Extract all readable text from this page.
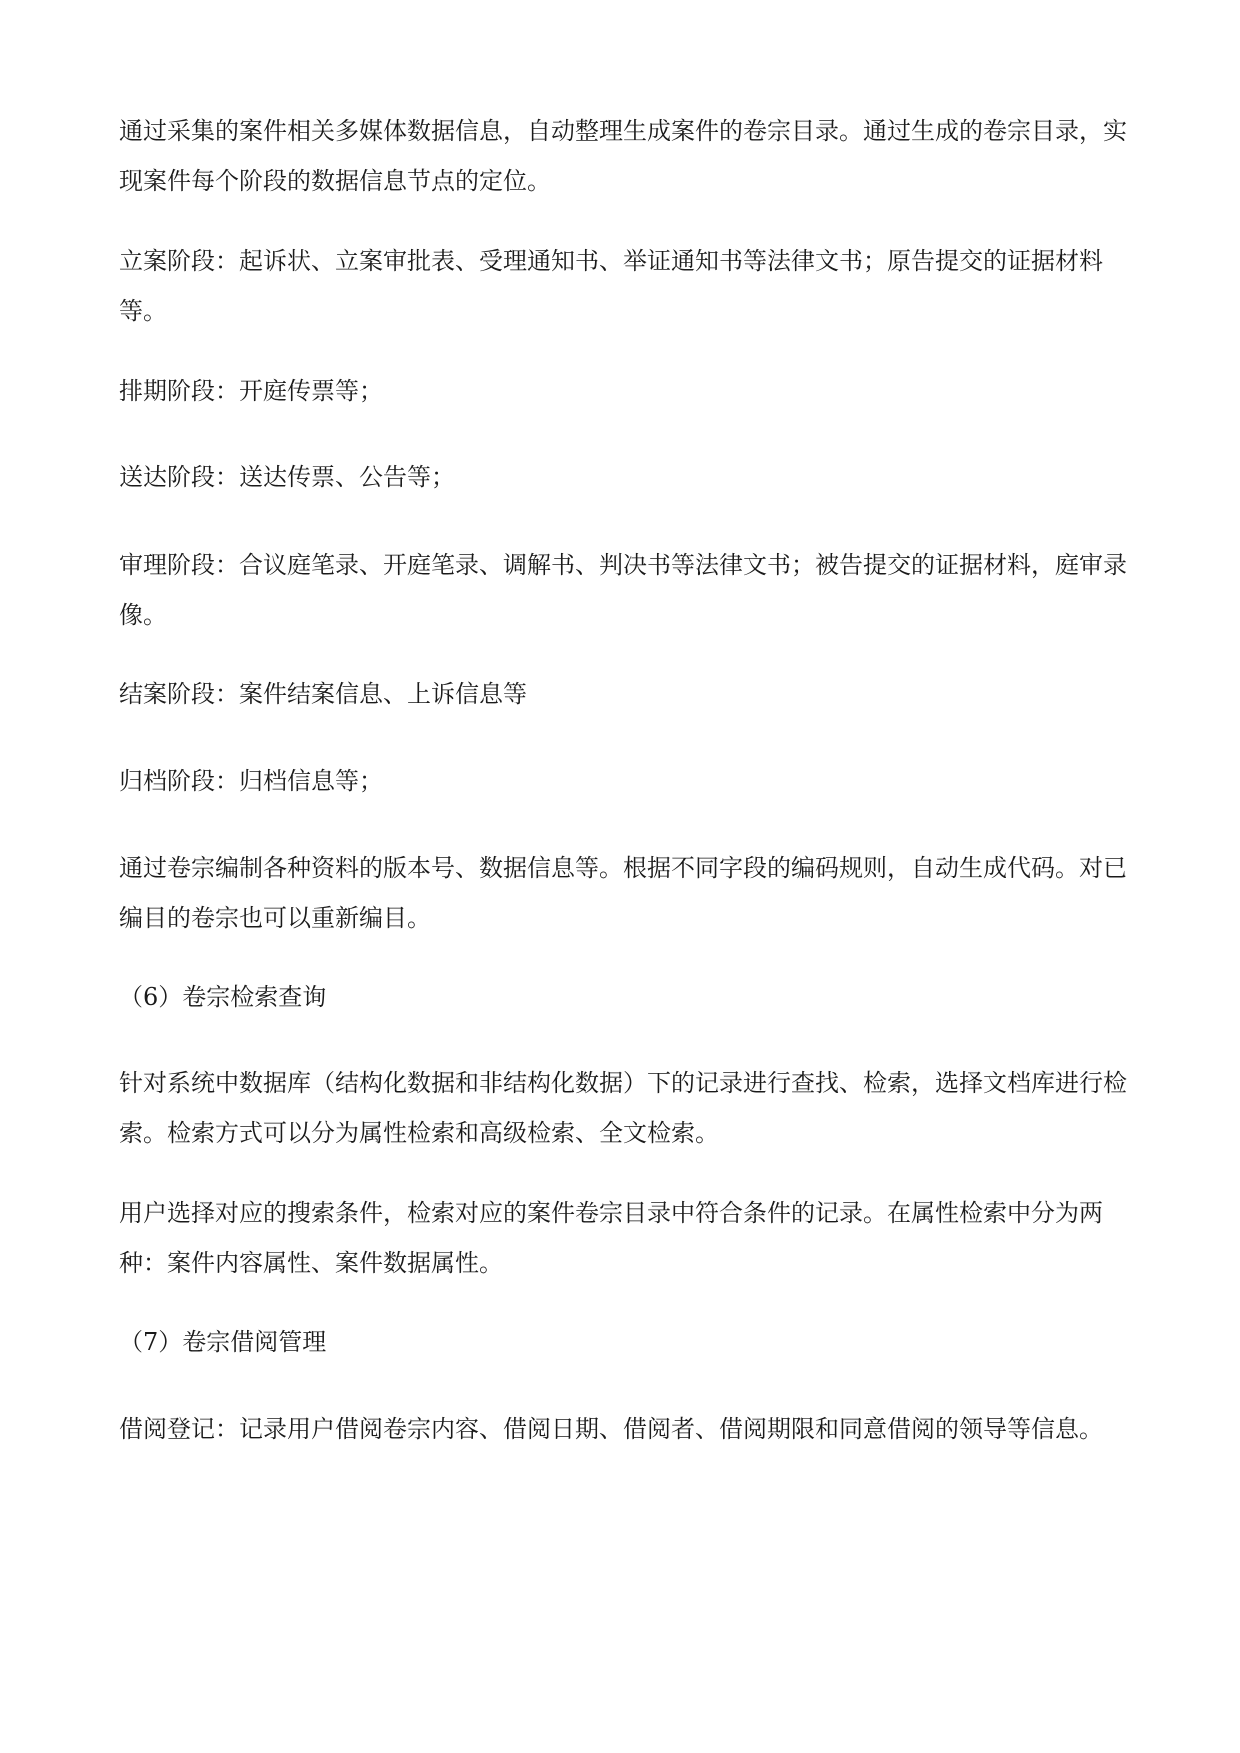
通过采集的案件相关多媒体数据信息，自动整理生成案件的卷宗目录。通过生成的卷宗目录，实现案件每个阶段的数据信息节点的定位。

立案阶段：起诉状、立案审批表、受理通知书、举证通知书等法律文书；原告提交的证据材料等。

排期阶段：开庭传票等；

送达阶段：送达传票、公告等；

审理阶段：合议庭笔录、开庭笔录、调解书、判决书等法律文书；被告提交的证据材料，庭审录像。

结案阶段：案件结案信息、上诉信息等

归档阶段：归档信息等；

通过卷宗编制各种资料的版本号、数据信息等。根据不同字段的编码规则，自动生成代码。对已编目的卷宗也可以重新编目。

（6）卷宗检索查询

针对系统中数据库（结构化数据和非结构化数据）下的记录进行查找、检索，选择文档库进行检索。检索方式可以分为属性检索和高级检索、全文检索。

用户选择对应的搜索条件，检索对应的案件卷宗目录中符合条件的记录。在属性检索中分为两种：案件内容属性、案件数据属性。

（7）卷宗借阅管理

借阅登记：记录用户借阅卷宗内容、借阅日期、借阅者、借阅期限和同意借阅的领导等信息。
